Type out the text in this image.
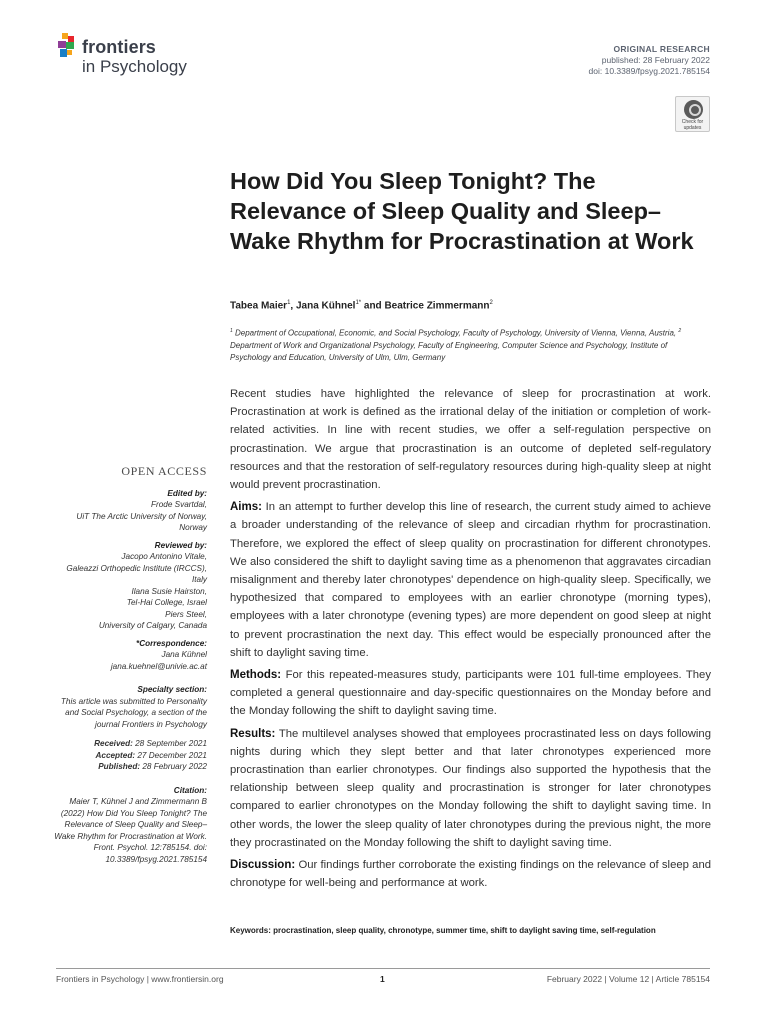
frontiers
in Psychology
ORIGINAL RESEARCH
published: 28 February 2022
doi: 10.3389/fpsyg.2021.785154
Check for
updates
How Did You Sleep Tonight? The Relevance of Sleep Quality and Sleep–Wake Rhythm for Procrastination at Work
Tabea Maier$^1$, Jana Kühnel$^{1*}$ and Beatrice Zimmermann$^2$
$^1$ Department of Occupational, Economic, and Social Psychology, Faculty of Psychology, University of Vienna, Vienna, Austria, $^2$ Department of Work and Organizational Psychology, Faculty of Engineering, Computer Science and Psychology, Institute of Psychology and Education, University of Ulm, Ulm, Germany

Recent studies have highlighted the relevance of sleep for procrastination at work. Procrastination at work is defined as the irrational delay of the initiation or completion of work-related activities. In line with recent studies, we offer a self-regulation perspective on procrastination. We argue that procrastination is an outcome of depleted self-regulatory resources and that the restoration of self-regulatory resources during high-quality sleep at night would prevent procrastination.

Aims: In an attempt to further develop this line of research, the current study aimed to achieve a broader understanding of the relevance of sleep and circadian rhythm for procrastination. Therefore, we explored the effect of sleep quality on procrastination for different chronotypes. We also considered the shift to daylight saving time as a phenomenon that aggravates circadian misalignment and thereby later chronotypes' dependence on high-quality sleep. Specifically, we hypothesized that compared to employees with an earlier chronotype (morning types), employees with a later chronotype (evening types) are more dependent on good sleep at night to prevent procrastination the next day. This effect would be especially pronounced after the shift to daylight saving time.

Methods: For this repeated-measures study, participants were 101 full-time employees. They completed a general questionnaire and day-specific questionnaires on the Monday before and the Monday following the shift to daylight saving time.

Results: The multilevel analyses showed that employees procrastinated less on days following nights during which they slept better and that later chronotypes experienced more procrastination than earlier chronotypes. Our findings also supported the hypothesis that the relationship between sleep quality and procrastination is stronger for later chronotypes compared to earlier chronotypes on the Monday following the shift to daylight saving time. In other words, the lower the sleep quality of later chronotypes during the previous night, the more they procrastinated on the Monday following the shift to daylight saving time.

Discussion: Our findings further corroborate the existing findings on the relevance of sleep and chronotype for well-being and performance at work.

Keywords: procrastination, sleep quality, chronotype, summer time, shift to daylight saving time, self-regulation
OPEN ACCESS
Edited by:
Frode Svartdal,
UiT The Arctic University of Norway, Norway
Reviewed by:
Jacopo Antonino Vitale,
Galeazzi Orthopedic Institute (IRCCS), Italy
Ilana Susie Hairston,
Tel-Hai College, Israel
Piers Steel,
University of Calgary, Canada
*Correspondence:
Jana Kühnel
jana.kuehnel@univie.ac.at
Specialty section:
This article was submitted to Personality and Social Psychology, a section of the journal Frontiers in Psychology
Received: 28 September 2021
Accepted: 27 December 2021
Published: 28 February 2022
Citation:
Maier T, Kühnel J and Zimmermann B (2022) How Did You Sleep Tonight? The Relevance of Sleep Quality and Sleep–Wake Rhythm for Procrastination at Work. Front. Psychol. 12:785154. doi: 10.3389/fpsyg.2021.785154
Frontiers in Psychology | www.frontiersin.org	1	February 2022 | Volume 12 | Article 785154
